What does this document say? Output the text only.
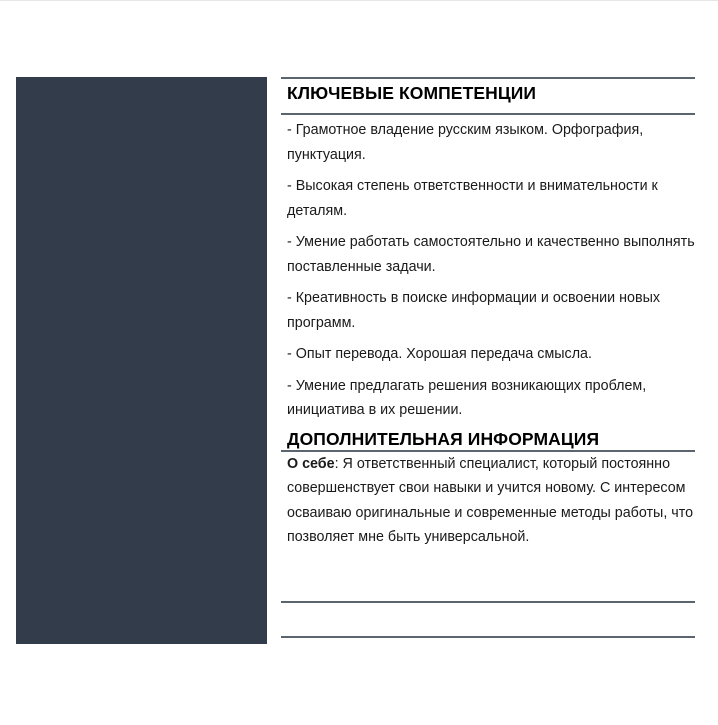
КЛЮЧЕВЫЕ КОМПЕТЕНЦИИ

- Грамотное владение русским языком. Орфография, пунктуация.

- Высокая степень ответственности и внимательности к деталям.

- Умение работать самостоятельно и качественно выполнять поставленные задачи.

- Креативность в поиске информации и освоении новых программ.

- Опыт перевода. Хорошая передача смысла.

- Умение предлагать решения возникающих проблем, инициатива в их решении.

ДОПОЛНИТЕЛЬНАЯ ИНФОРМАЦИЯ
О себе: Я ответственный специалист, который постоянно совершенствует свои навыки и учится новому. С интересом осваиваю оригинальные и современные методы работы, что позволяет мне быть универсальной.
